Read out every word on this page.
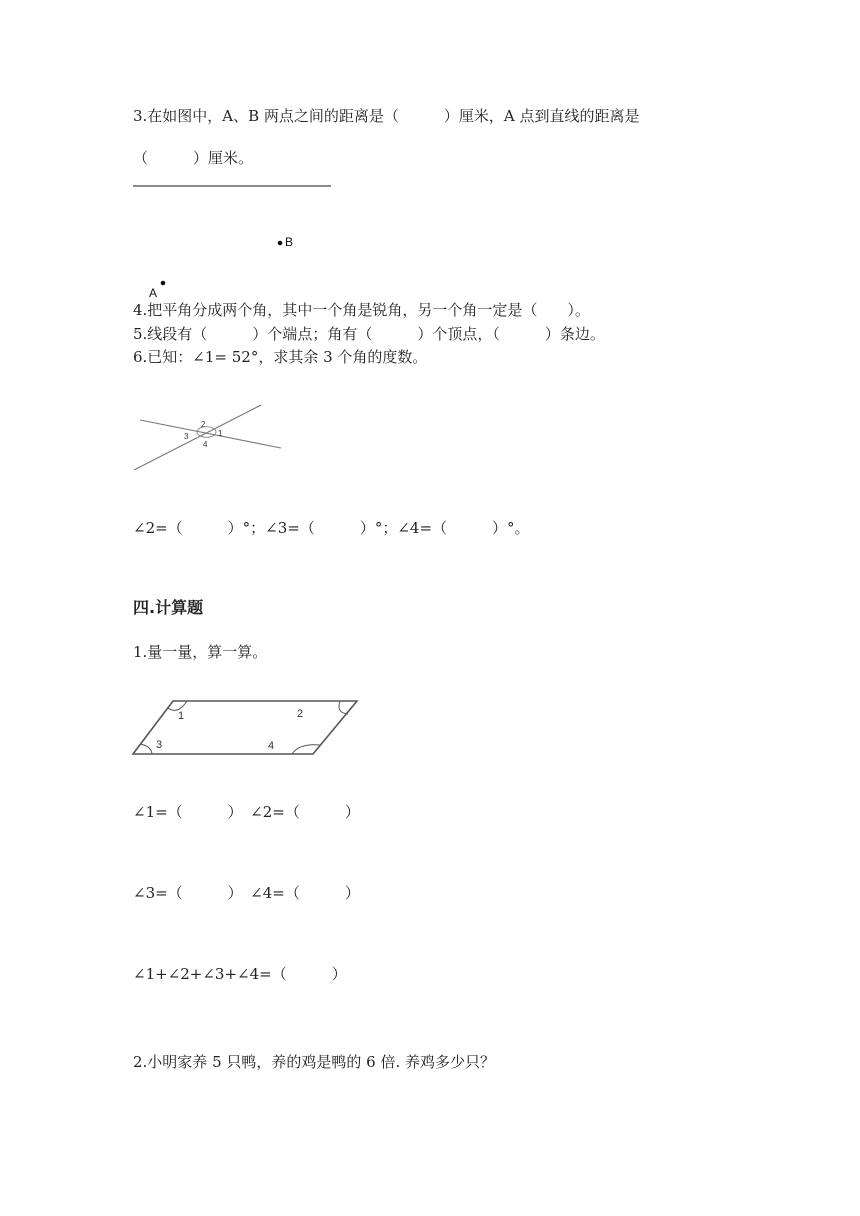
3.在如图中，A、B 两点之间的距离是（　　　）厘米，A 点到直线的距离是
（　　　）厘米。
B
A
4.把平角分成两个角，其中一个角是锐角，另一个角一定是（　　）。
5.线段有（　　　）个端点；角有（　　　）个顶点，（　　　）条边。
6.已知：∠1= 52°，求其余 3 个角的度数。
1
2
3
4
∠2=（　　　）°；∠3=（　　　）°；∠4=（　　　）°。
四.计算题
1.量一量，算一算。
1	2
3	4
∠1=（　　　）　∠2=（　　　）
∠3=（　　　）　∠4=（　　　）
∠1+∠2+∠3+∠4=（　　　）
2.小明家养 5 只鸭，养的鸡是鸭的 6 倍. 养鸡多少只？
